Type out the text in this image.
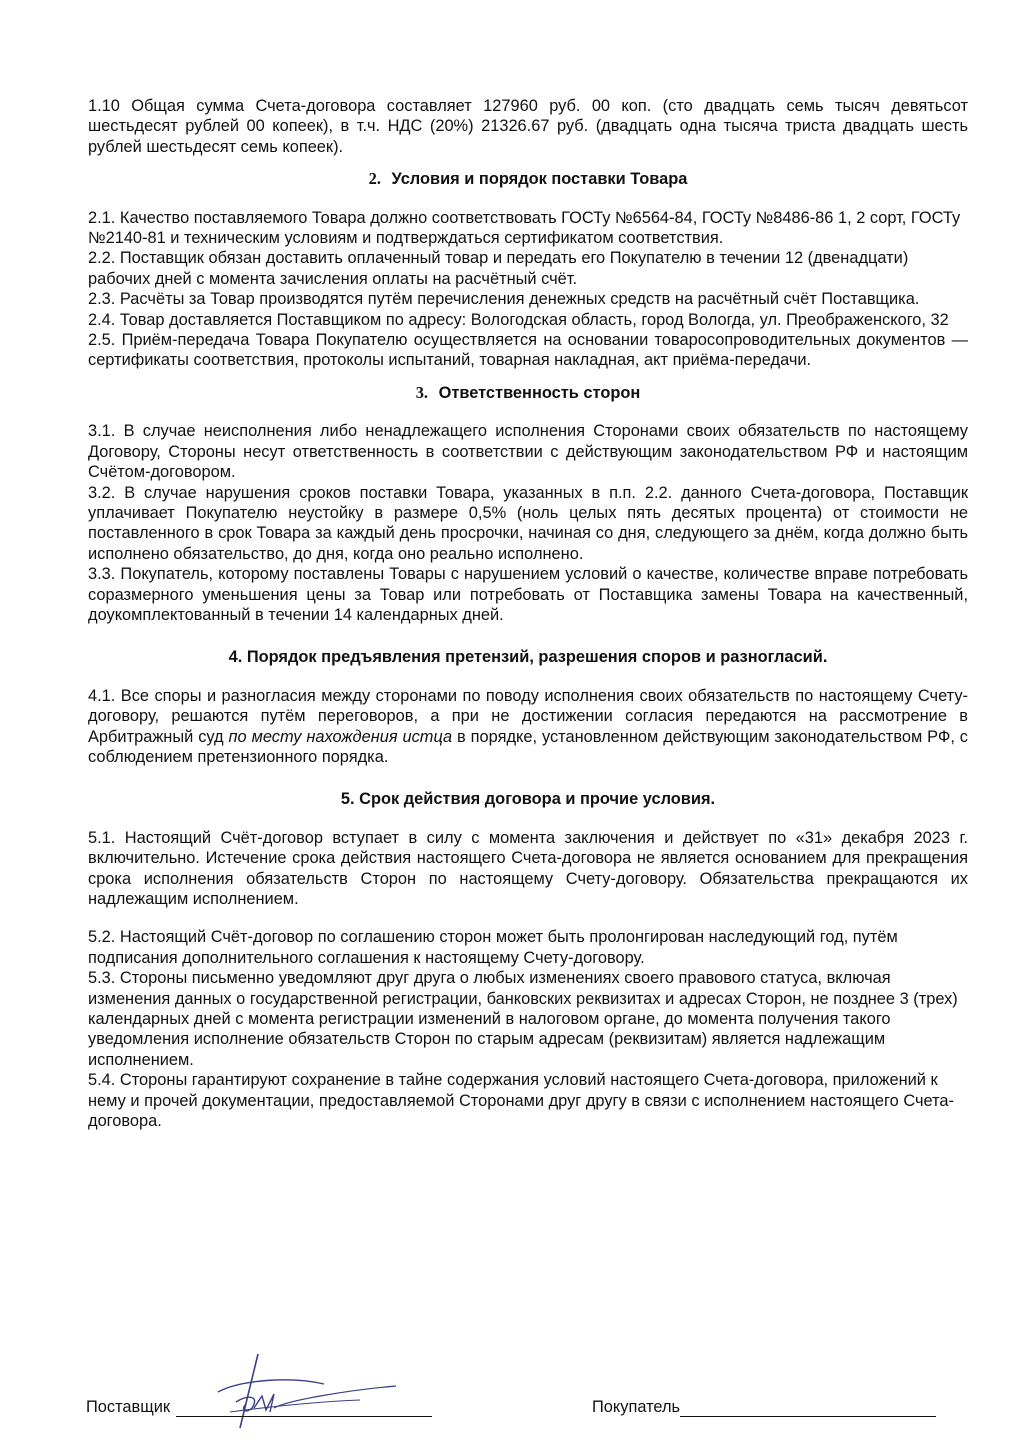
1.10 Общая сумма Счета-договора составляет 127960 руб. 00 коп. (сто двадцать семь тысяч девятьсот шестьдесят рублей 00 копеек), в т.ч. НДС (20%) 21326.67 руб. (двадцать одна тысяча триста двадцать шесть рублей шестьдесят семь копеек).

2. Условия и порядок поставки Товара

2.1. Качество поставляемого Товара должно соответствовать ГОСТу №6564-84, ГОСТу №8486-86 1, 2 сорт, ГОСТу №2140-81 и техническим условиям и подтверждаться сертификатом соответствия.

2.2. Поставщик обязан доставить оплаченный товар и передать его Покупателю в течении 12 (двенадцати) рабочих дней с момента зачисления оплаты на расчётный счёт.

2.3. Расчёты за Товар производятся путём перечисления денежных средств на расчётный счёт Поставщика.

2.4. Товар доставляется Поставщиком по адресу: Вологодская область, город Вологда, ул. Преображенского, 32

2.5. Приём-передача Товара Покупателю осуществляется на основании товаросопроводительных документов — сертификаты соответствия, протоколы испытаний, товарная накладная, акт приёма-передачи.

3. Ответственность сторон

3.1. В случае неисполнения либо ненадлежащего исполнения Сторонами своих обязательств по настоящему Договору, Стороны несут ответственность в соответствии с действующим законодательством РФ и настоящим Счётом-договором.

3.2. В случае нарушения сроков поставки Товара, указанных в п.п. 2.2. данного Счета-договора, Поставщик уплачивает Покупателю неустойку в размере 0,5% (ноль целых пять десятых процента) от стоимости не поставленного в срок Товара за каждый день просрочки, начиная со дня, следующего за днём, когда должно быть исполнено обязательство, до дня, когда оно реально исполнено.

3.3. Покупатель, которому поставлены Товары с нарушением условий о качестве, количестве вправе потребовать соразмерного уменьшения цены за Товар или потребовать от Поставщика замены Товара на качественный, доукомплектованный в течении 14 календарных дней.

4. Порядок предъявления претензий, разрешения споров и разногласий.

4.1. Все споры и разногласия между сторонами по поводу исполнения своих обязательств по настоящему Счету-договору, решаются путём переговоров, а при не достижении согласия передаются на рассмотрение в Арбитражный суд по месту нахождения истца в порядке, установленном действующим законодательством РФ, с соблюдением претензионного порядка.

5. Срок действия договора и прочие условия.

5.1. Настоящий Счёт-договор вступает в силу с момента заключения и действует по «31» декабря 2023 г. включительно. Истечение срока действия настоящего Счета-договора не является основанием для прекращения срока исполнения обязательств Сторон по настоящему Счету-договору. Обязательства прекращаются их надлежащим исполнением.

5.2. Настоящий Счёт-договор по соглашению сторон может быть пролонгирован наследующий год, путём подписания дополнительного соглашения к настоящему Счету-договору.

5.3. Стороны письменно уведомляют друг друга о любых изменениях своего правового статуса, включая изменения данных о государственной регистрации, банковских реквизитах и адресах Сторон, не позднее 3 (трех) календарных дней с момента регистрации изменений в налоговом органе, до момента получения такого уведомления исполнение обязательств Сторон по старым адресам (реквизитам) является надлежащим исполнением.

5.4. Стороны гарантируют сохранение в тайне содержания условий настоящего Счета-договора, приложений к нему и прочей документации, предоставляемой Сторонами друг другу в связи с исполнением настоящего Счета-договора.

Поставщик	Покупатель
